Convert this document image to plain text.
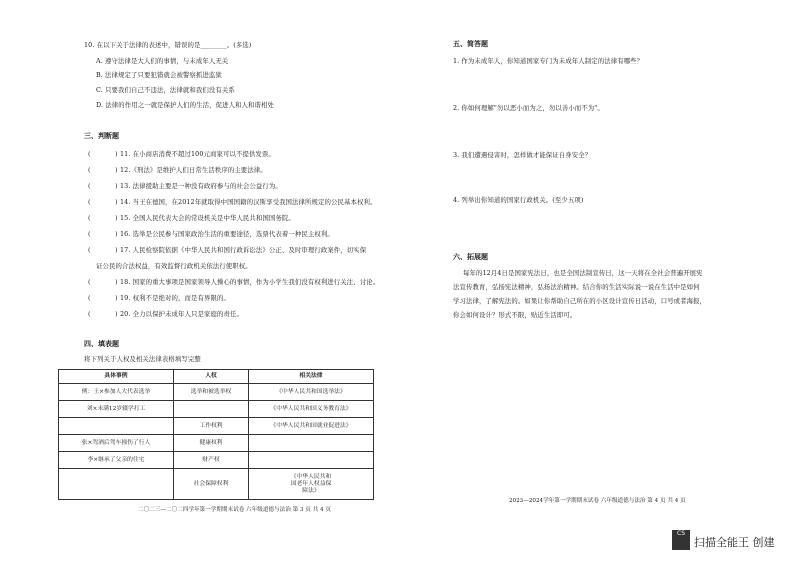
10. 在以下关于法律的表述中，错误的是________。(多选)
A. 遵守法律是大人们的事情，与未成年人无关
B. 法律规定了只要犯错就会被警察抓进监狱
C. 只要我们自己不违法，法律就和我们没有关系
D. 法律的作用之一就是保护人们的生活，促进人和人和谐相处
三、判断题
(	) 11. 在小商店消费不超过100元商家可以不提供发票。
(	) 12.《刑法》是维护人们日常生活秩序的主要法律。
(	) 13. 法律援助主要是一种没有政府参与的社会公益行为。
(	) 14. 当王在德国，在2012年就取得中国国籍的汉斯享受我国法律所规定的公民基本权利。
(	) 15. 全国人民代表大会的常设机关是中华人民共和国国务院。
(	) 16. 选举是公民参与国家政治生活的重要途径，选票代表着一种民主权利。
(	) 17. 人民检察院依据《中华人民共和国行政诉讼法》公正、及时审理行政案件，切实保
证公民的合法权益，有效监督行政机关依法行使职权。
(	) 18. 国家的重大事项是国家领导人操心的事情，作为小学生我们没有权利进行关注、讨论。
(	) 19. 权利不是绝对的，而是有界限的。
(	) 20. 全力以保护未成年人只是家庭的责任。
四、填表题
将下列关于人权及相关法律表格填写完整
具体事例	人权	相关法律
例：王×参加人大代表选举	选举和被选举权	《中华人民共和国选举法》
刘×未满12岁辍学打工		《中华人民共和国义务教育法》
	工作权利	《中华人民共和国就业促进法》
张×驾酒后驾车撞伤了行人	健康权利	
李×继承了父亲的住宅	财产权	
	社会保障权利	《中华人民共和国老年人权益保障法》
二〇二三—二〇二四学年第一学期期末试卷 六年级道德与法治 第 3 页 共 4 页
五、简答题
1. 作为未成年人，你知道国家专门为未成年人制定的法律有哪些？
2. 你如何理解"勿以恶小而为之，勿以善小而不为"。
3. 我们遭遇侵害时，怎样做才能保证自身安全？
4. 列举出你知道的国家行政机关。(至少五项)
六、拓展题
每年的12月4日是国家宪法日，也是全国法制宣传日，这一天将在全社会普遍开展宪
法宣传教育，弘扬宪法精神，弘扬法治精神。结合你的生活实际说一说在生活中是如何
学习法律，了解宪法的。如果让你帮助自己所在的小区设计宣传日活动，口号或者海报，
你会如何设计？形式不限，贴近生活即可。
2023—2024学年第一学期期末试卷 六年级道德与法治 第 4 页 共 4 页
CS
扫描全能王 创建
